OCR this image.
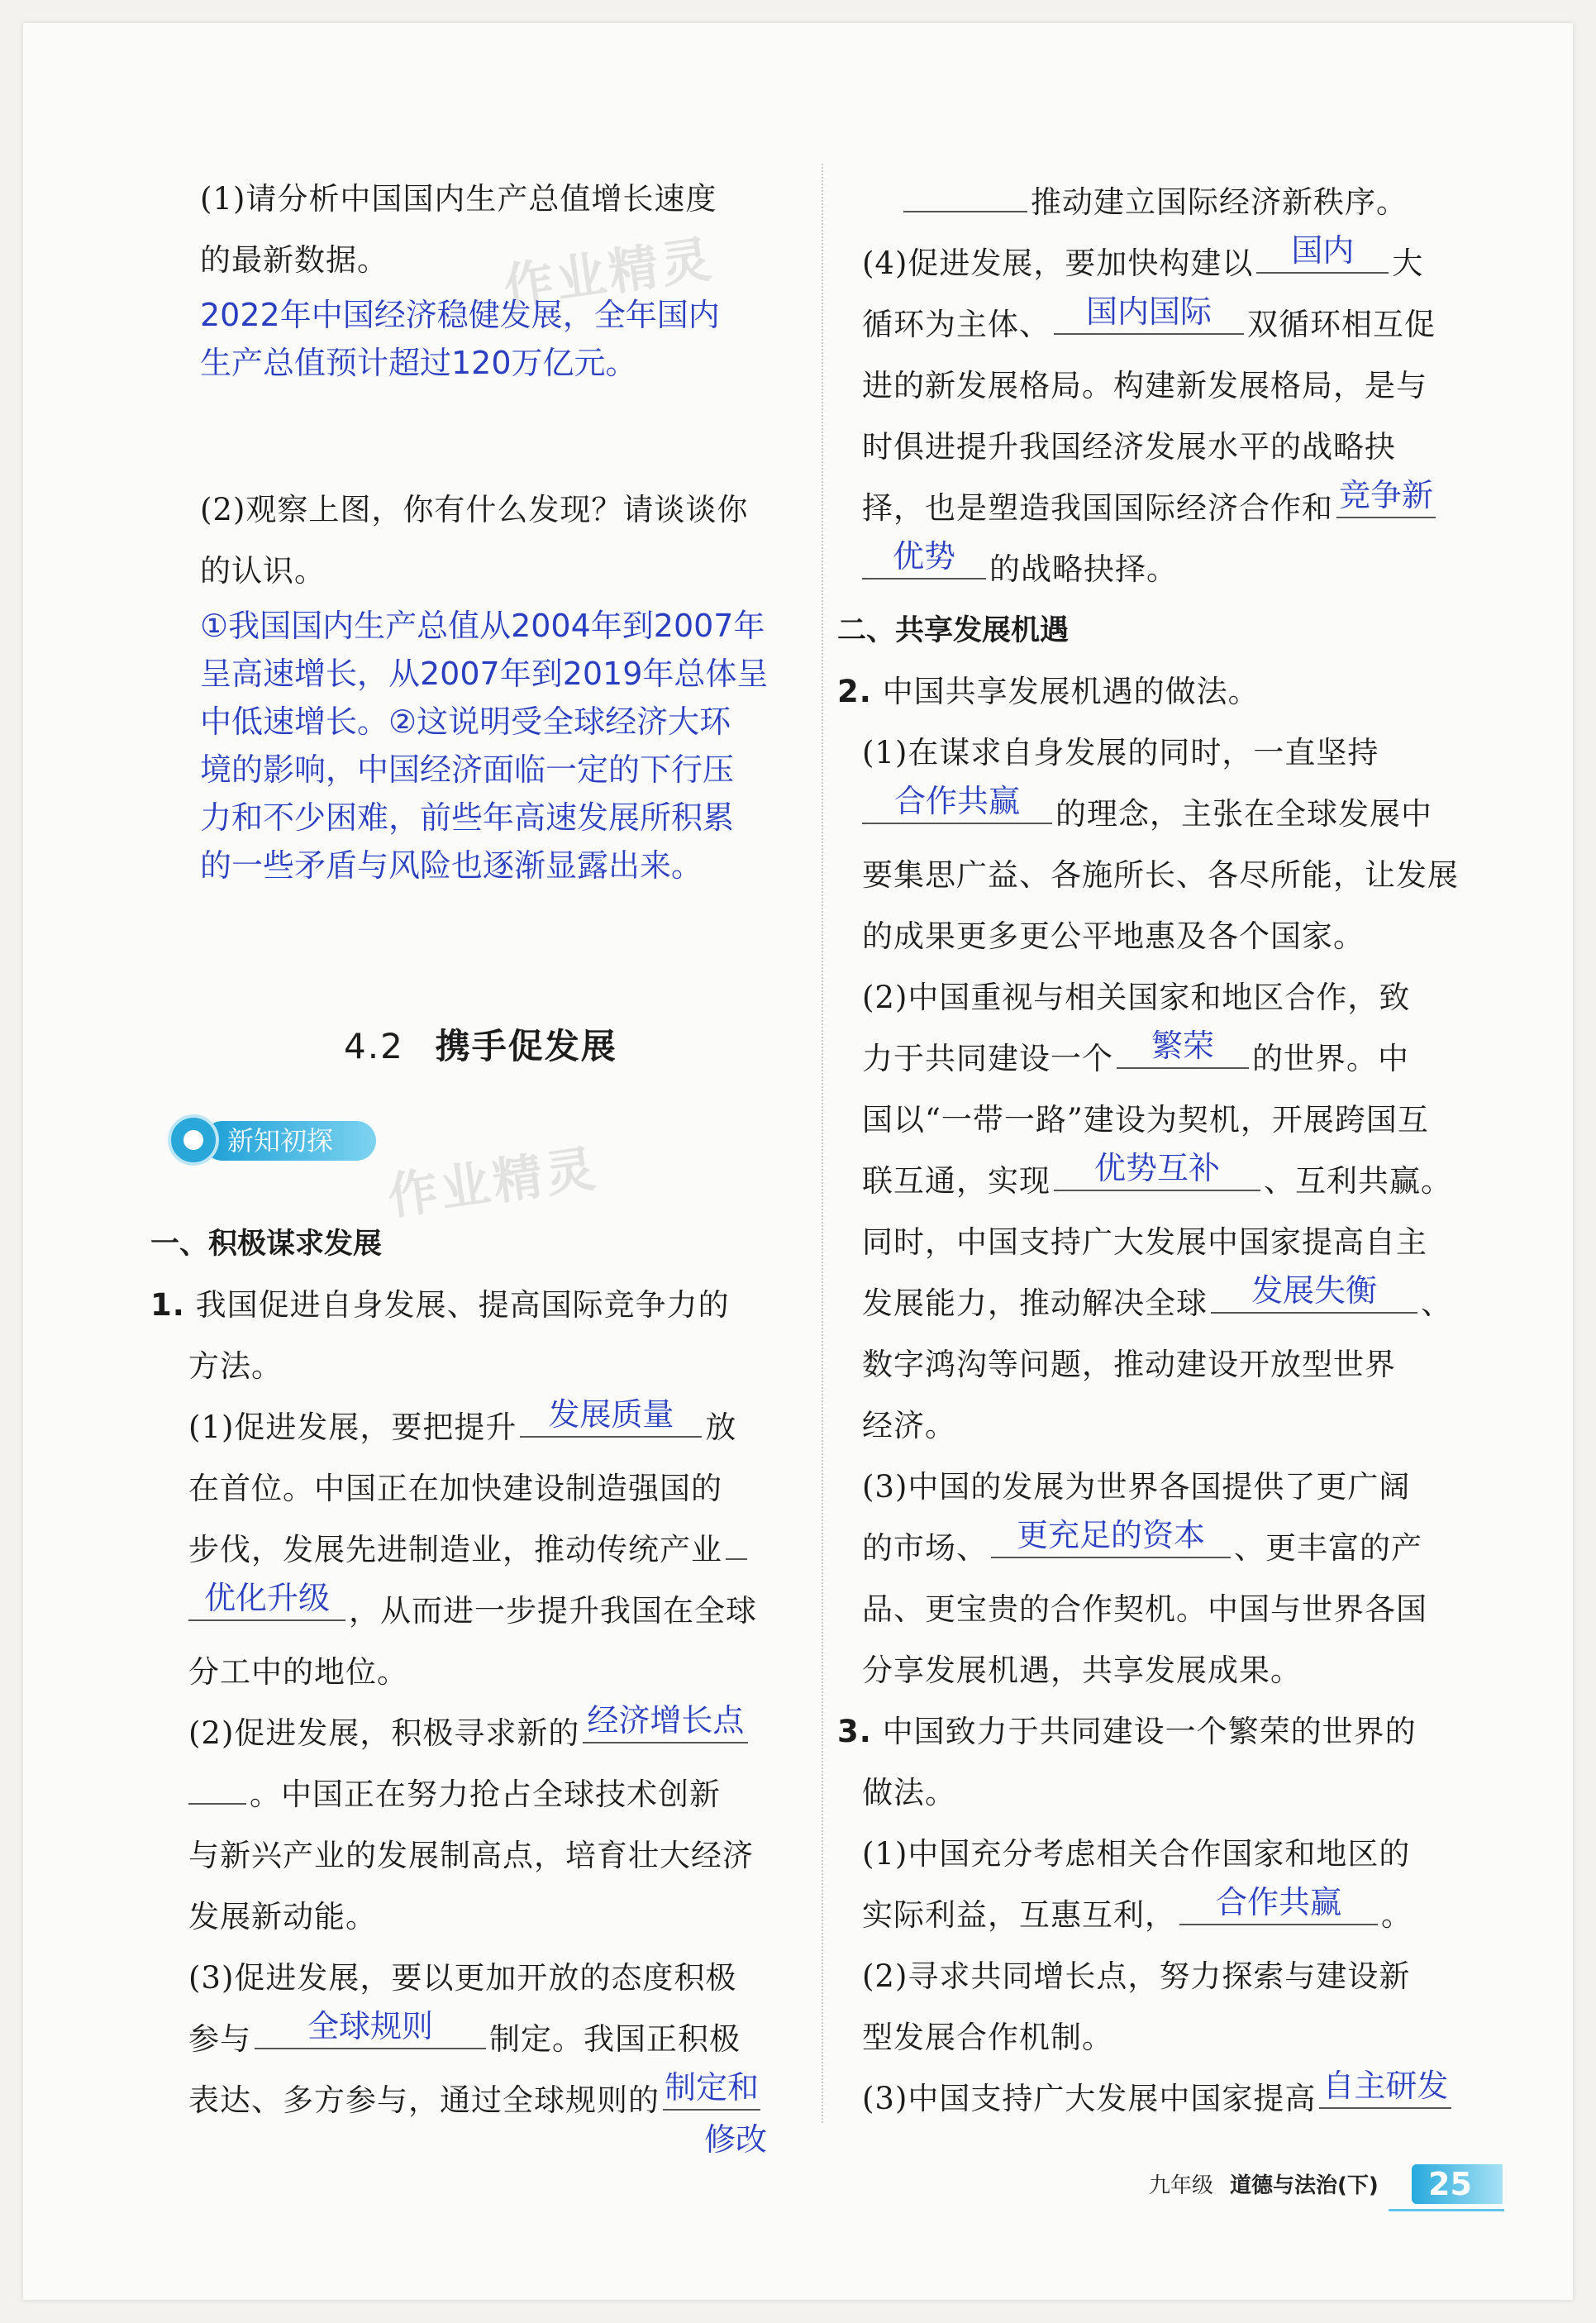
作业精灵
作业精灵
(1)请分析中国国内生产总值增长速度
的最新数据。
2022年中国经济稳健发展，全年国内
生产总值预计超过120万亿元。
(2)观察上图，你有什么发现？请谈谈你
的认识。
①我国国内生产总值从2004年到2007年
呈高速增长，从2007年到2019年总体呈
中低速增长。②这说明受全球经济大环
境的影响，中国经济面临一定的下行压
力和不少困难，前些年高速发展所积累
的一些矛盾与风险也逐渐显露出来。
4.2 携手促发展
新知初探
一、积极谋求发展
1. 我国促进自身发展、提高国际竞争力的
方法。
(1)促进发展，要把提升 发展质量	放
在首位。中国正在加快建设制造强国的
步伐，发展先进制造业，推动传统产业
优化升级 ，从而进一步提升我国在全球
分工中的地位。
(2)促进发展，积极寻求新的 经济增长点
。中国正在努力抢占全球技术创新
与新兴产业的发展制高点，培育壮大经济
发展新动能。
(3)促进发展，要以更加开放的态度积极
参与	全球规则	制定。我国正积极
表达、多方参与，通过全球规则的 制定和
修改
推动建立国际经济新秩序。
(4)促进发展，要加快构建以	国内	大
循环为主体、	国内国际	双循环相互促
进的新发展格局。构建新发展格局，是与
时俱进提升我国经济发展水平的战略抉
择，也是塑造我国国际经济合作和 竞争新
优势	的战略抉择。
二、共享发展机遇
2. 中国共享发展机遇的做法。
(1)在谋求自身发展的同时，一直坚持
合作共赢	的理念，主张在全球发展中
要集思广益、各施所长、各尽所能，让发展
的成果更多更公平地惠及各个国家。
(2)中国重视与相关国家和地区合作，致
力于共同建设一个	繁荣	的世界。中
国以“一带一路”建设为契机，开展跨国互
联互通，实现	优势互补	、互利共赢。
同时，中国支持广大发展中国家提高自主
发展能力，推动解决全球	发展失衡	、
数字鸿沟等问题，推动建设开放型世界
经济。
(3)中国的发展为世界各国提供了更广阔
的市场、 更充足的资本 、更丰富的产
品、更宝贵的合作契机。中国与世界各国
分享发展机遇，共享发展成果。
3. 中国致力于共同建设一个繁荣的世界的
做法。
(1)中国充分考虑相关合作国家和地区的
实际利益，互惠互利，	合作共赢	。
(2)寻求共同增长点，努力探索与建设新
型发展合作机制。
(3)中国支持广大发展中国家提高 自主研发
九年级 道德与法治(下)	25
